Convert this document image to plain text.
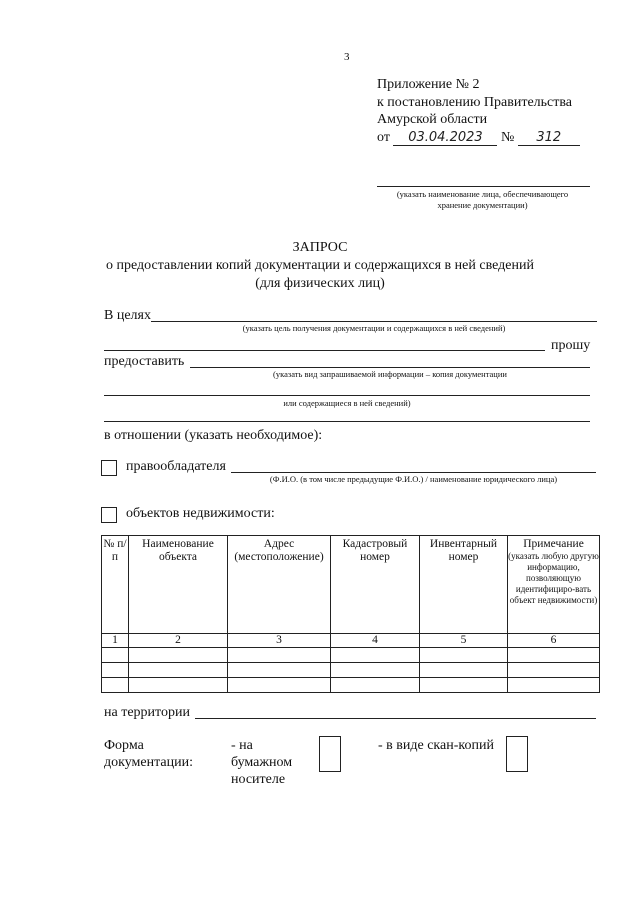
3
Приложение № 2
к постановлению Правительства
Амурской области
от 03.04.2023 № 312
(указать наименование лица, обеспечивающего
хранение документации)
ЗАПРОС
о предоставлении копий документации и содержащихся в ней сведений
(для физических лиц)
В целях
(указать цель получения документации и содержащихся в ней сведений)
прошу
предоставить
(указать вид запрашиваемой информации – копия документации
или содержащиеся в ней сведений)
в отношении (указать необходимое):
правообладателя
(Ф.И.О. (в том числе предыдущие Ф.И.О.) / наименование юридического лица)
объектов недвижимости:
№ п/п	Наименование объекта	Адрес (местоположение)	Кадастровый номер	Инвентарный номер	Примечание
(указать любую другую информацию, позволяющую идентифициро-вать объект недвижимости)

1	2	3	4	5	6

на территории
Форма
документации:
- на
бумажном
носителе
- в виде скан-копий
